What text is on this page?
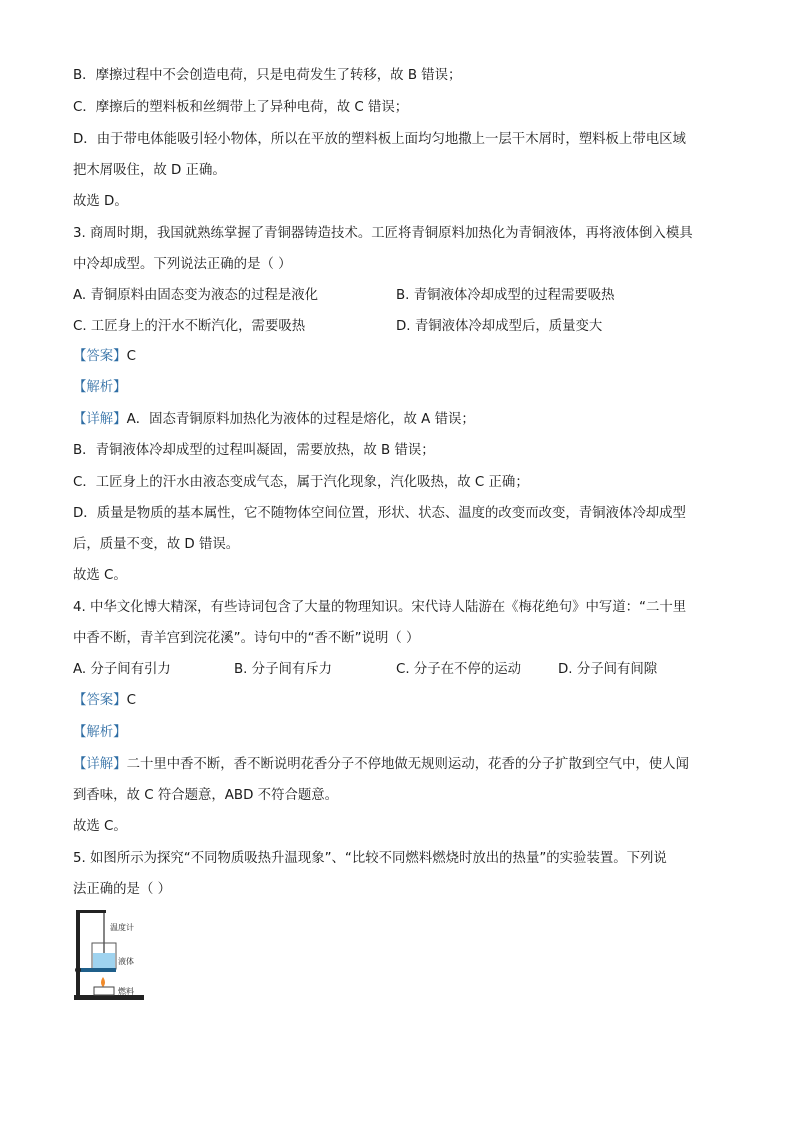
B．摩擦过程中不会创造电荷，只是电荷发生了转移，故 B 错误；
C．摩擦后的塑料板和丝绸带上了异种电荷，故 C 错误；
D．由于带电体能吸引轻小物体，所以在平放的塑料板上面均匀地撒上一层干木屑时，塑料板上带电区域
把木屑吸住，故 D 正确。
故选 D。
3. 商周时期，我国就熟练掌握了青铜器铸造技术。工匠将青铜原料加热化为青铜液体，再将液体倒入模具
中冷却成型。下列说法正确的是（ ）
A. 青铜原料由固态变为液态的过程是液化	B. 青铜液体冷却成型的过程需要吸热
C. 工匠身上的汗水不断汽化，需要吸热	D. 青铜液体冷却成型后，质量变大
【答案】C
【解析】
【详解】A．固态青铜原料加热化为液体的过程是熔化，故 A 错误；
B．青铜液体冷却成型的过程叫凝固，需要放热，故 B 错误；
C．工匠身上的汗水由液态变成气态，属于汽化现象，汽化吸热，故 C 正确；
D．质量是物质的基本属性，它不随物体空间位置，形状、状态、温度的改变而改变，青铜液体冷却成型
后，质量不变，故 D 错误。
故选 C。
4. 中华文化博大精深，有些诗词包含了大量的物理知识。宋代诗人陆游在《梅花绝句》中写道：“二十里
中香不断，青羊宫到浣花溪”。诗句中的“香不断”说明（ ）
A. 分子间有引力	B. 分子间有斥力	C. 分子在不停的运动	D. 分子间有间隙
【答案】C
【解析】
【详解】二十里中香不断，香不断说明花香分子不停地做无规则运动，花香的分子扩散到空气中，使人闻
到香味，故 C 符合题意，ABD 不符合题意。
故选 C。
5. 如图所示为探究“不同物质吸热升温现象”、“比较不同燃料燃烧时放出的热量”的实验装置。下列说
法正确的是（ ）
温度计
液体
燃料
